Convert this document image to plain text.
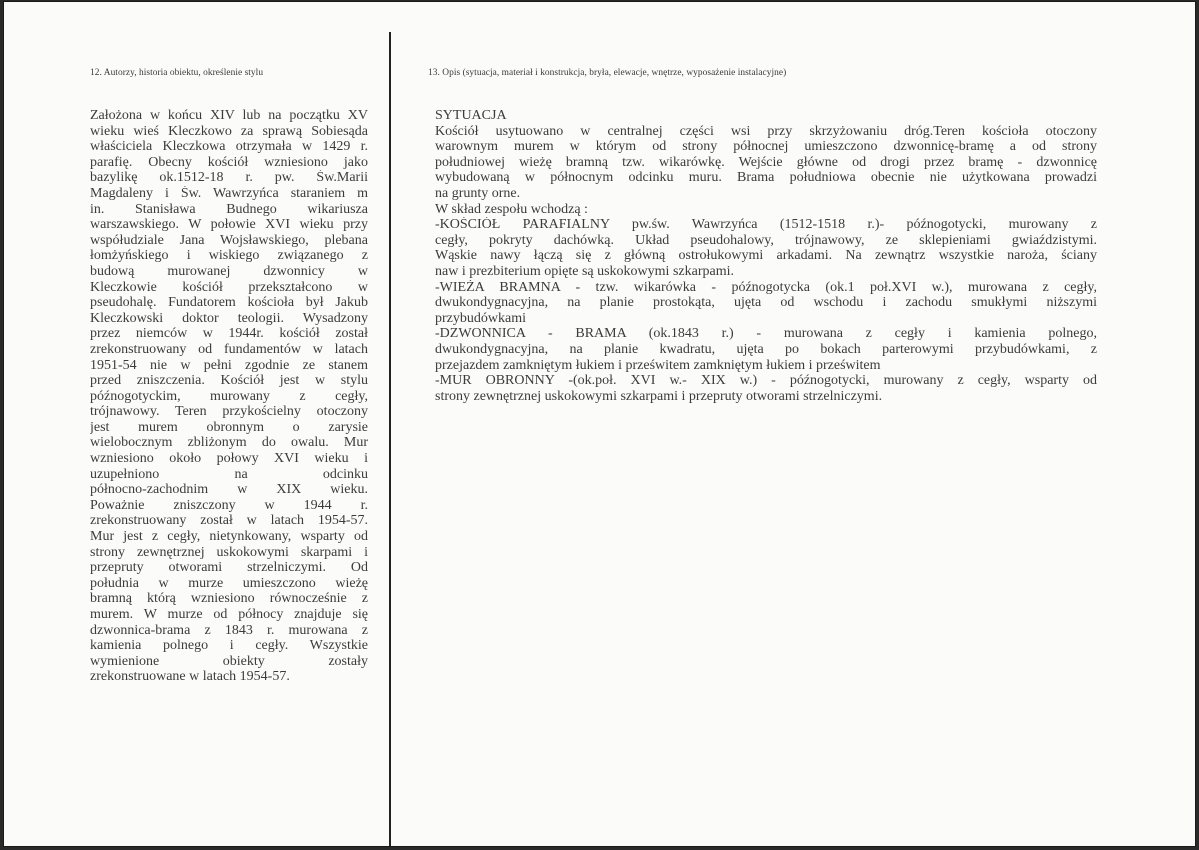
12. Autorzy, historia obiektu, określenie stylu	13. Opis (sytuacja, materiał i konstrukcja, bryła, elewacje, wnętrze, wyposażenie instalacyjne)
Założona w końcu XIV lub na początku XV
wieku wieś Kleczkowo za sprawą Sobiesąda
właściciela Kleczkowa otrzymała w 1429 r.
parafię. Obecny kościół wzniesiono jako
bazylikę ok.1512-18 r. pw. Św.Marii
Magdaleny i Św. Wawrzyńca staraniem m
in. Stanisława Budnego wikariusza
warszawskiego. W połowie XVI wieku przy
współudziale Jana Wojsławskiego, plebana
łomżyńskiego i wiskiego związanego z
budową murowanej dzwonnicy w
Kleczkowie kościół przekształcono w
pseudohalę. Fundatorem kościoła był Jakub
Kleczkowski doktor teologii. Wysadzony
przez niemców w 1944r. kościół został
zrekonstruowany od fundamentów w latach
1951-54 nie w pełni zgodnie ze stanem
przed zniszczenia. Kościół jest w stylu
późnogotyckim, murowany z cegły,
trójnawowy. Teren przykościelny otoczony
jest murem obronnym o zarysie
wielobocznym zbliżonym do owalu. Mur
wzniesiono około połowy XVI wieku i
uzupełniono na odcinku
północno-zachodnim w XIX wieku.
Poważnie zniszczony w 1944 r.
zrekonstruowany został w latach 1954-57.
Mur jest z cegły, nietynkowany, wsparty od
strony zewnętrznej uskokowymi skarpami i
przepruty otworami strzelniczymi. Od
południa w murze umieszczono wieżę
bramną którą wzniesiono równocześnie z
murem. W murze od północy znajduje się
dzwonnica-brama z 1843 r. murowana z
kamienia polnego i cegły. Wszystkie
wymienione obiekty zostały
zrekonstruowane w latach 1954-57.
SYTUACJA
Kościół usytuowano w centralnej części wsi przy skrzyżowaniu dróg.Teren kościoła otoczony
warownym murem w którym od strony północnej umieszczono dzwonnicę-bramę a od strony
południowej wieżę bramną tzw. wikarówkę. Wejście główne od drogi przez bramę - dzwonnicę
wybudowaną w północnym odcinku muru. Brama południowa obecnie nie użytkowana prowadzi
na grunty orne.
W skład zespołu wchodzą :
-KOŚCIÓŁ PARAFIALNY pw.św. Wawrzyńca (1512-1518 r.)- późnogotycki, murowany z
cegły, pokryty dachówką. Układ pseudohalowy, trójnawowy, ze sklepieniami gwiaździstymi.
Wąskie nawy łączą się z główną ostrołukowymi arkadami. Na zewnątrz wszystkie naroża, ściany
naw i prezbiterium opięte są uskokowymi szkarpami.
-WIEŻA BRAMNA - tzw. wikarówka - późnogotycka (ok.1 poł.XVI w.), murowana z cegły,
dwukondygnacyjna, na planie prostokąta, ujęta od wschodu i zachodu smukłymi niższymi
przybudówkami
-DZWONNICA - BRAMA (ok.1843 r.) - murowana z cegły i kamienia polnego,
dwukondygnacyjna, na planie kwadratu, ujęta po bokach parterowymi przybudówkami, z
przejazdem zamkniętym łukiem i prześwitem zamkniętym łukiem i prześwitem
-MUR OBRONNY -(ok.poł. XVI w.- XIX w.) - późnogotycki, murowany z cegły, wsparty od
strony zewnętrznej uskokowymi szkarpami i przepruty otworami strzelniczymi.
